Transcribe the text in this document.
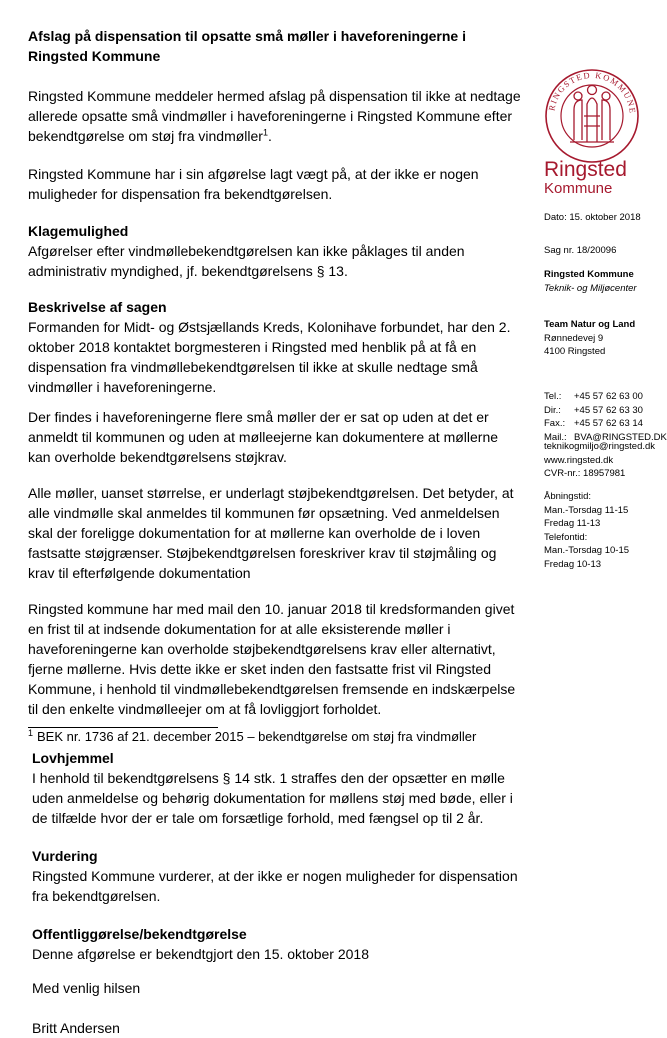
Afslag på dispensation til opsatte små møller i haveforeningerne i Ringsted Kommune

Ringsted Kommune meddeler hermed afslag på dispensation til ikke at nedtage allerede opsatte små vindmøller i haveforeningerne i Ringsted Kommune efter bekendtgørelse om støj fra vindmøller$^1$.

Ringsted Kommune har i sin afgørelse lagt vægt på, at der ikke er nogen muligheder for dispensation fra bekendtgørelsen.

Klagemulighed

Afgørelser efter vindmøllebekendtgørelsen kan ikke påklages til anden administrativ myndighed, jf. bekendtgørelsens § 13.

Beskrivelse af sagen

Formanden for Midt- og Østsjællands Kreds, Kolonihave forbundet, har den 2. oktober 2018 kontaktet borgmesteren i Ringsted med henblik på at få en dispensation fra vindmøllebekendtgørelsen til ikke at skulle nedtage små vindmøller i haveforeningerne.

Der findes i haveforeningerne flere små møller der er sat op uden at det er anmeldt til kommunen og uden at mølleejerne kan dokumentere at møllerne kan overholde bekendtgørelsens støjkrav.

Alle møller, uanset størrelse, er underlagt støjbekendtgørelsen. Det betyder, at alle vindmølle skal anmeldes til kommunen før opsætning. Ved anmeldelsen skal der foreligge dokumentation for at møllerne kan overholde de i loven fastsatte støjgrænser. Støjbekendtgørelsen foreskriver krav til støjmåling og krav til efterfølgende dokumentation

Ringsted kommune har med mail den 10. januar 2018 til kredsformanden givet en frist til at indsende dokumentation for at alle eksisterende møller i haveforeningerne kan overholde støjbekendtgørelsens krav eller alternativt, fjerne møllerne. Hvis dette ikke er sket inden den fastsatte frist vil Ringsted Kommune, i henhold til vindmøllebekendtgørelsen fremsende en indskærpelse til den enkelte vindmølleejer om at få lovliggjort forholdet.

$^1$ BEK nr. 1736 af 21. december 2015 – bekendtgørelse om støj fra vindmøller

Lovhjemmel

I henhold til bekendtgørelsens § 14 stk. 1 straffes den der opsætter en mølle uden anmeldelse og behørig dokumentation for møllens støj med bøde, eller i de tilfælde hvor der er tale om forsætlige forhold, med fængsel op til 2 år.

Vurdering

Ringsted Kommune vurderer, at der ikke er nogen muligheder for dispensation fra bekendtgørelsen.

Offentliggørelse/bekendtgørelse

Denne afgørelse er bekendtgjort den 15. oktober 2018

Med venlig hilsen

Britt Andersen

RINGSTED KOMMUNE
Ringsted
Kommune
Dato: 15. oktober 2018
Sag nr. 18/20096
Ringsted Kommune
Teknik- og Miljøcenter
Team Natur og Land
Rønnedevej 9
4100 Ringsted
Tel.:	+45 57 62 63 00
Dir.:	+45 57 62 63 30
Fax.: +45 57 62 63 14
Mail.: BVA@RINGSTED.DK
teknikogmiljo@ringsted.dk
www.ringsted.dk
CVR-nr.: 18957981
Åbningstid:
Man.-Torsdag 11-15
Fredag 11-13
Telefontid:
Man.-Torsdag 10-15
Fredag 10-13
